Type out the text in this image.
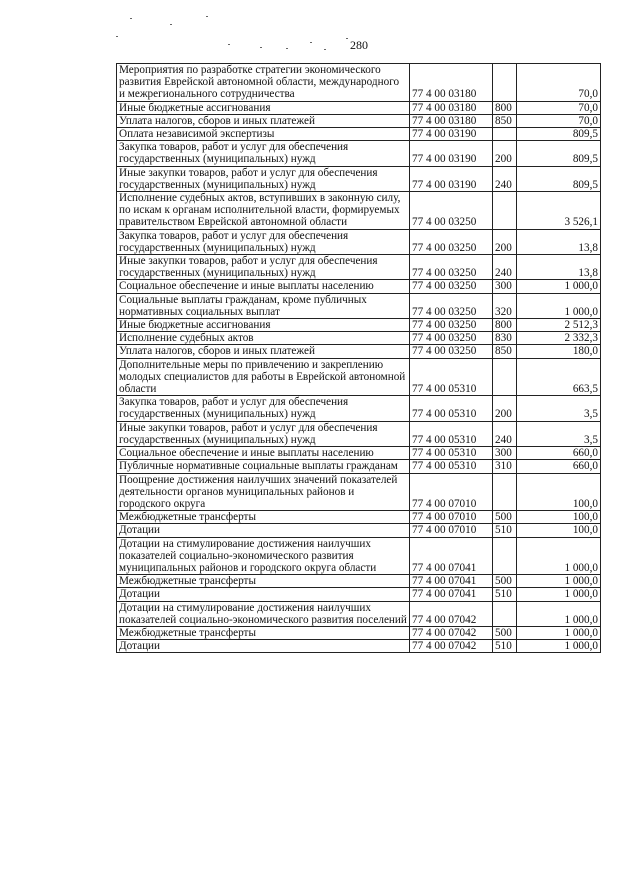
280
Мероприятия по разработке стратегии экономического развития Еврейской автономной области, международного и межрегионального сотрудничества	77 4 00 03180		70,0
Иные бюджетные ассигнования	77 4 00 03180	800	70,0
Уплата налогов, сборов и иных платежей	77 4 00 03180	850	70,0
Оплата независимой экспертизы	77 4 00 03190		809,5
Закупка товаров, работ и услуг для обеспечения государственных (муниципальных) нужд	77 4 00 03190	200	809,5
Иные закупки товаров, работ и услуг для обеспечения государственных (муниципальных) нужд	77 4 00 03190	240	809,5
Исполнение судебных актов, вступивших в законную силу, по искам к органам исполнительной власти, формируемых правительством Еврейской автономной области	77 4 00 03250		3 526,1
Закупка товаров, работ и услуг для обеспечения государственных (муниципальных) нужд	77 4 00 03250	200	13,8
Иные закупки товаров, работ и услуг для обеспечения государственных (муниципальных) нужд	77 4 00 03250	240	13,8
Социальное обеспечение и иные выплаты населению	77 4 00 03250	300	1 000,0
Социальные выплаты гражданам, кроме публичных нормативных социальных выплат	77 4 00 03250	320	1 000,0
Иные бюджетные ассигнования	77 4 00 03250	800	2 512,3
Исполнение судебных актов	77 4 00 03250	830	2 332,3
Уплата налогов, сборов и иных платежей	77 4 00 03250	850	180,0
Дополнительные меры по привлечению и закреплению молодых специалистов для работы в Еврейской автономной области	77 4 00 05310		663,5
Закупка товаров, работ и услуг для обеспечения государственных (муниципальных) нужд	77 4 00 05310	200	3,5
Иные закупки товаров, работ и услуг для обеспечения государственных (муниципальных) нужд	77 4 00 05310	240	3,5
Социальное обеспечение и иные выплаты населению	77 4 00 05310	300	660,0
Публичные нормативные социальные выплаты гражданам	77 4 00 05310	310	660,0
Поощрение достижения наилучших значений показателей деятельности органов муниципальных районов и городского округа	77 4 00 07010		100,0
Межбюджетные трансферты	77 4 00 07010	500	100,0
Дотации	77 4 00 07010	510	100,0
Дотации на стимулирование достижения наилучших показателей социально-экономического развития муниципальных районов и городского округа области	77 4 00 07041		1 000,0
Межбюджетные трансферты	77 4 00 07041	500	1 000,0
Дотации	77 4 00 07041	510	1 000,0
Дотации на стимулирование достижения наилучших показателей социально-экономического развития поселений	77 4 00 07042		1 000,0
Межбюджетные трансферты	77 4 00 07042	500	1 000,0
Дотации	77 4 00 07042	510	1 000,0
